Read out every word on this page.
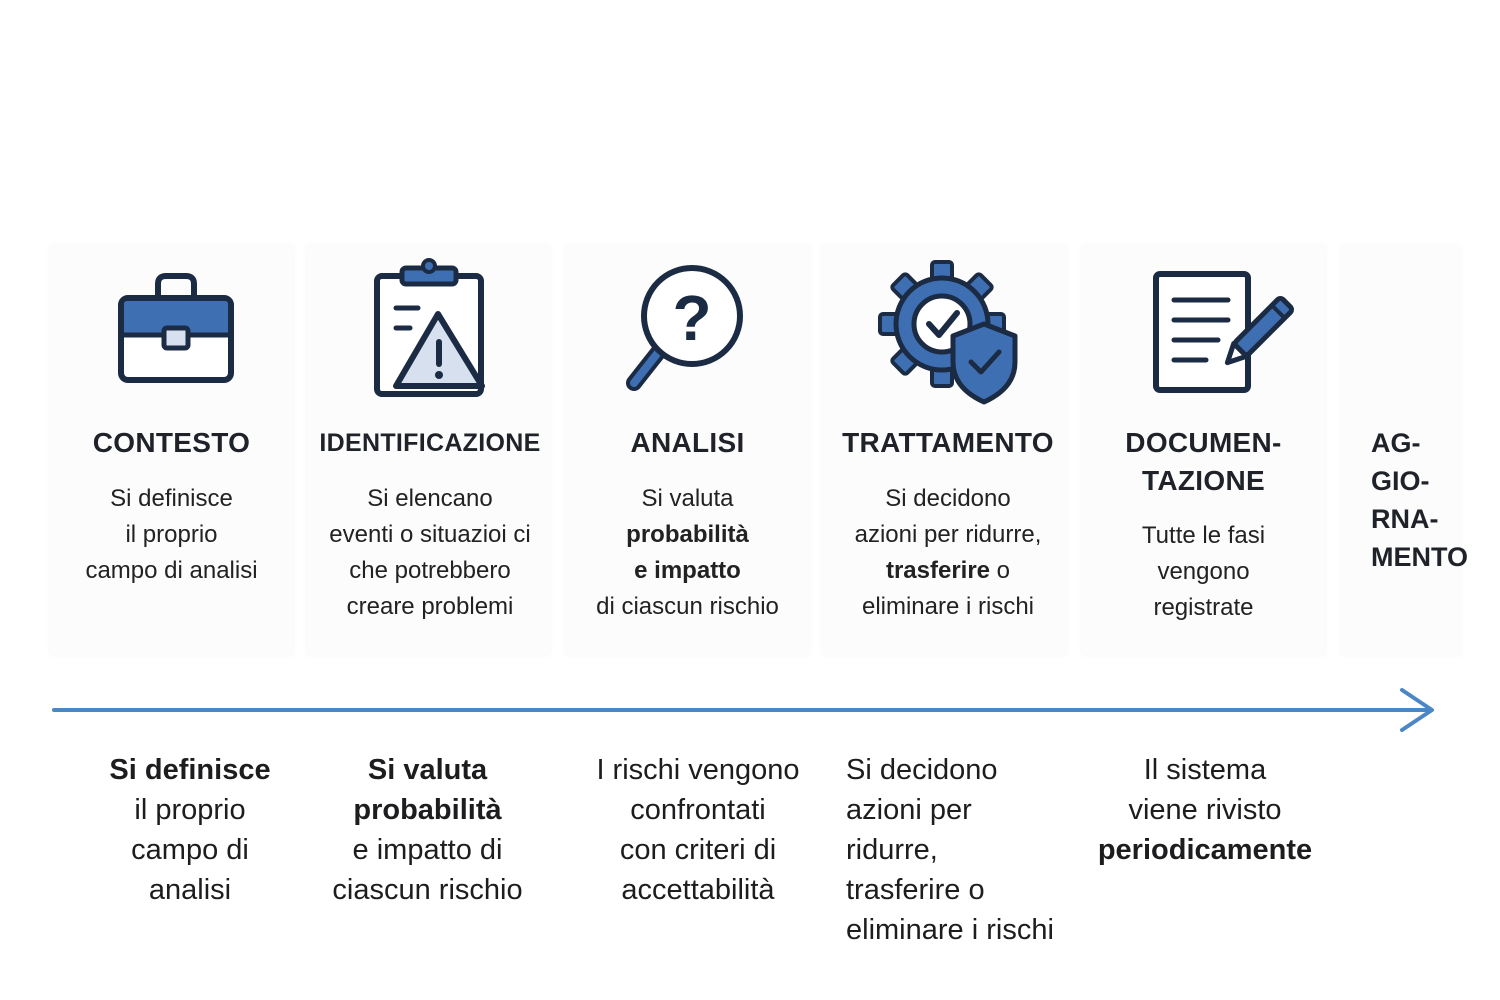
?
CONTESTO	IDENTIFICAZIONE	ANALISI	TRATTAMENTO	DOCUMEN-
TAZIONE
AG-
GIO-
RNA-
MENTO
Si definisce
il proprio
campo di analisi
Si elencano
eventi o situazioi ci
che potrebbero
creare problemi
Si valuta
probabilità
e impatto
di ciascun rischio
Si decidono
azioni per ridurre,
trasferire o
eliminare i rischi
Tutte le fasi
vengono
registrate
Si definisce
il proprio
campo di
analisi
Si valuta
probabilità
e impatto di
ciascun rischio
I rischi vengono
confrontati
con criteri di
accettabilità
Si decidono
azioni per
ridurre,
trasferire o
eliminare i rischi
Il sistema
viene rivisto
periodicamente
